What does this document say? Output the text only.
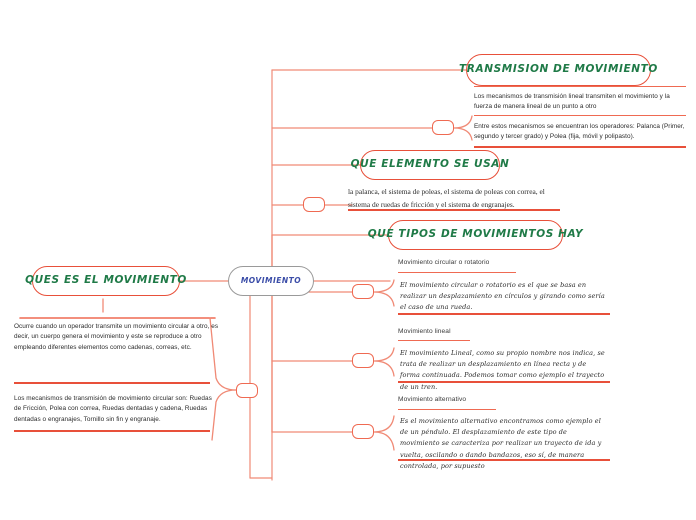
MOVIMIENTO
QUES ES EL MOVIMIENTO

Ocurre cuando un operador transmite un movimiento circular a otro, es decir, un cuerpo genera el movimiento y este se reproduce a otro empleando diferentes elementos como cadenas, correas, etc.

Los mecanismos de transmisión de movimiento circular son: Ruedas de Fricción, Polea con correa, Ruedas dentadas y cadena, Ruedas dentadas o engranajes, Tornillo sin fin y engranaje.

TRANSMISION DE MOVIMIENTO

Los mecanismos de transmisión lineal transmiten el movimiento y la fuerza de manera lineal de un punto a otro

Entre estos mecanismos se encuentran los operadores: Palanca (Primer, segundo y tercer grado) y Polea (fija, móvil y polipasto).

QUE ELEMENTO SE USAN

la palanca, el sistema de poleas, el sistema de poleas con correa, el sistema de ruedas de fricción y el sistema de engranajes.

QUE TIPOS DE MOVIMIENTOS HAY
Movimiento circular o rotatorio

El movimiento circular o rotatorio es el que se basa en realizar un desplazamiento en círculos y girando como sería el caso de una rueda.

Movimiento lineal

El movimiento Lineal, como su propio nombre nos indica, se trata de realizar un desplazamiento en línea recta y de forma continuada. Podemos tomar como ejemplo el trayecto de un tren.

Movimiento alternativo

Es el movimiento alternativo encontramos como ejemplo el de un péndulo. El desplazamiento de este tipo de movimiento se caracteriza por realizar un trayecto de ida y vuelta, oscilando o dando bandazos, eso sí, de manera controlada, por supuesto
